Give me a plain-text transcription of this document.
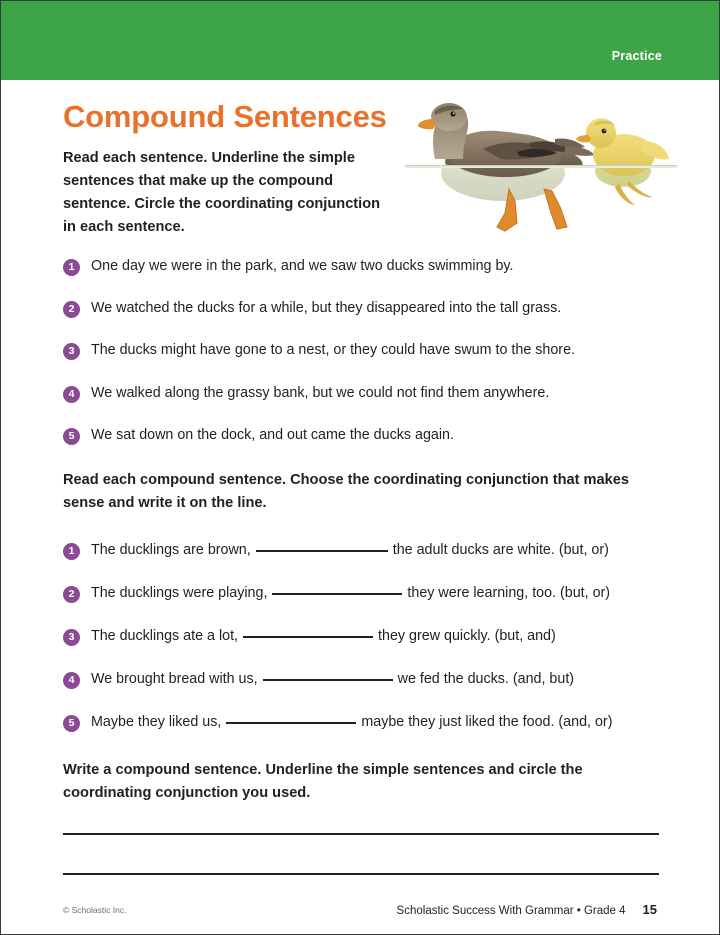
Practice
Compound Sentences
Read each sentence. Underline the simple sentences that make up the compound sentence. Circle the coordinating conjunction in each sentence.
1	One day we were in the park, and we saw two ducks swimming by.
2	We watched the ducks for a while, but they disappeared into the tall grass.
3	The ducks might have gone to a nest, or they could have swum to the shore.
4	We walked along the grassy bank, but we could not find them anywhere.
5	We sat down on the dock, and out came the ducks again.
Read each compound sentence. Choose the coordinating conjunction that makes sense and write it on the line.
1	The ducklings are brown,	the adult ducks are white. (but, or)
2	The ducklings were playing,	they were learning, too. (but, or)
3	The ducklings ate a lot,	they grew quickly. (but, and)
4	We brought bread with us,	we fed the ducks. (and, but)
5	Maybe they liked us,	maybe they just liked the food. (and, or)
Write a compound sentence. Underline the simple sentences and circle the coordinating conjunction you used.
© Scholastic Inc.	Scholastic Success With Grammar • Grade 4 15
